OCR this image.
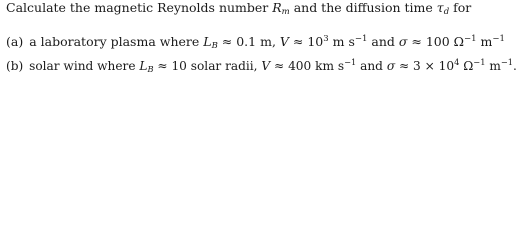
Calculate the magnetic Reynolds number $R_m$ and the diffusion time $\tau_d$ for
(a) a laboratory plasma where $L_B \approx 0.1$ m, $V \approx 10^3$ m $s^{-1}$ and σ ≈ 100 $\Omega^{-1}$ $m^{-1}$
(b) solar wind where $L_B \approx 10$ solar radii, V ≈ 400 km $s^{-1}$ and $\sigma \approx 3 \times 10^4$ $\Omega^{-1}$ $m^{-1}$.
